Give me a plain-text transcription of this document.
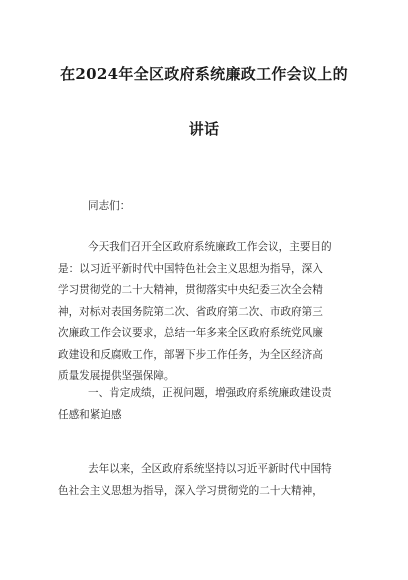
在2024年全区政府系统廉政工作会议上的
讲话
同志们：
今天我们召开全区政府系统廉政工作会议，主要目的
是：以习近平新时代中国特色社会主义思想为指导，深入
学习贯彻党的二十大精神，贯彻落实中央纪委三次全会精
神，对标对表国务院第二次、省政府第二次、市政府第三
次廉政工作会议要求，总结一年多来全区政府系统党风廉
政建设和反腐败工作，部署下步工作任务，为全区经济高
质量发展提供坚强保障。
一、肯定成绩，正视问题，增强政府系统廉政建设责
任感和紧迫感
去年以来，全区政府系统坚持以习近平新时代中国特
色社会主义思想为指导，深入学习贯彻党的二十大精神，
